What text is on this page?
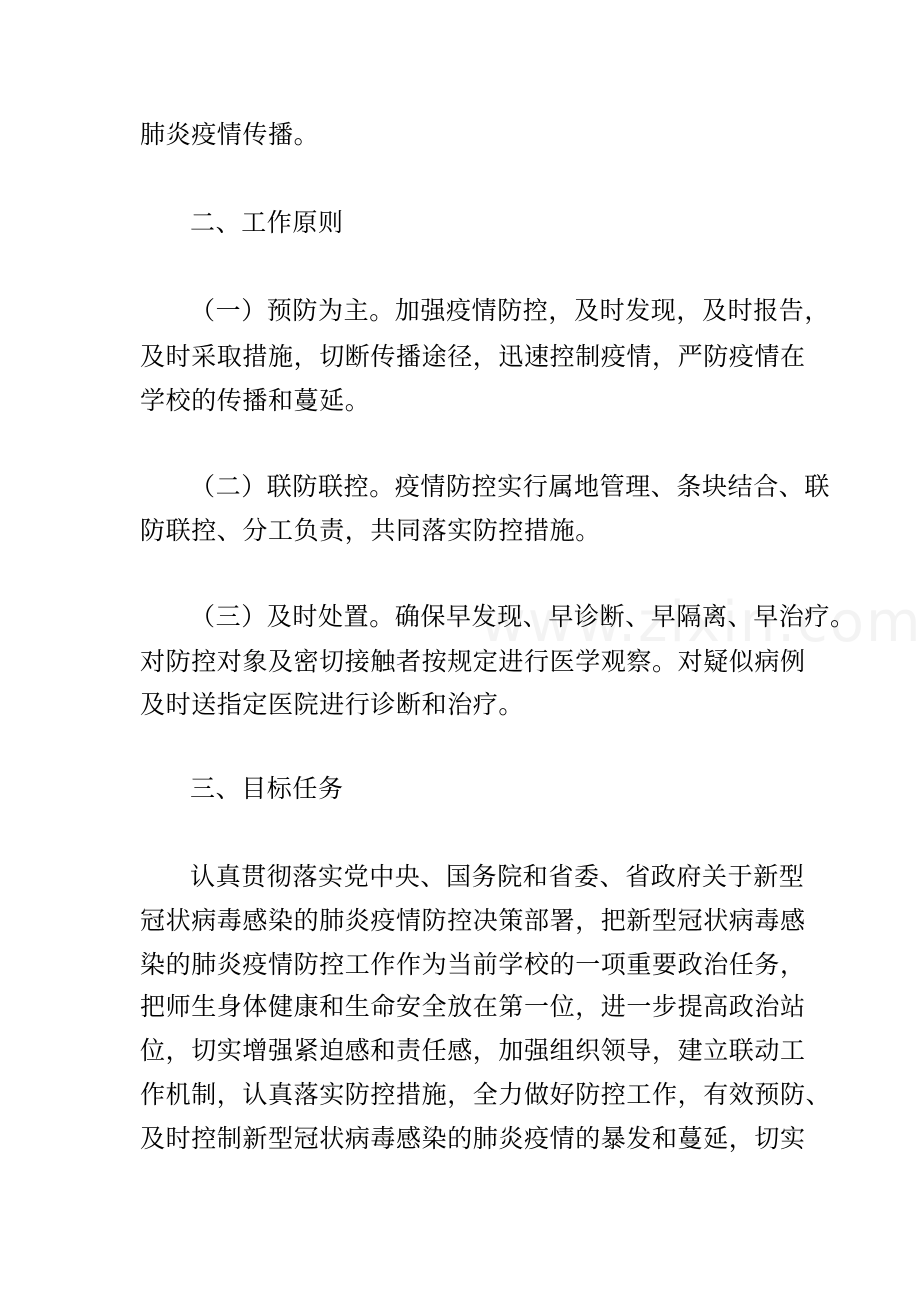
肺炎疫情传播。
二、工作原则
（一）预防为主。加强疫情防控，及时发现，及时报告，
及时采取措施，切断传播途径，迅速控制疫情，严防疫情在
学校的传播和蔓延。
（二）联防联控。疫情防控实行属地管理、条块结合、联
防联控、分工负责，共同落实防控措施。
（三）及时处置。确保早发现、早诊断、早隔离、早治疗。
对防控对象及密切接触者按规定进行医学观察。对疑似病例
及时送指定医院进行诊断和治疗。
三、目标任务
认真贯彻落实党中央、国务院和省委、省政府关于新型
冠状病毒感染的肺炎疫情防控决策部署，把新型冠状病毒感
染的肺炎疫情防控工作作为当前学校的一项重要政治任务，
把师生身体健康和生命安全放在第一位，进一步提高政治站
位，切实增强紧迫感和责任感，加强组织领导，建立联动工
作机制，认真落实防控措施，全力做好防控工作，有效预防、
及时控制新型冠状病毒感染的肺炎疫情的暴发和蔓延，切实
